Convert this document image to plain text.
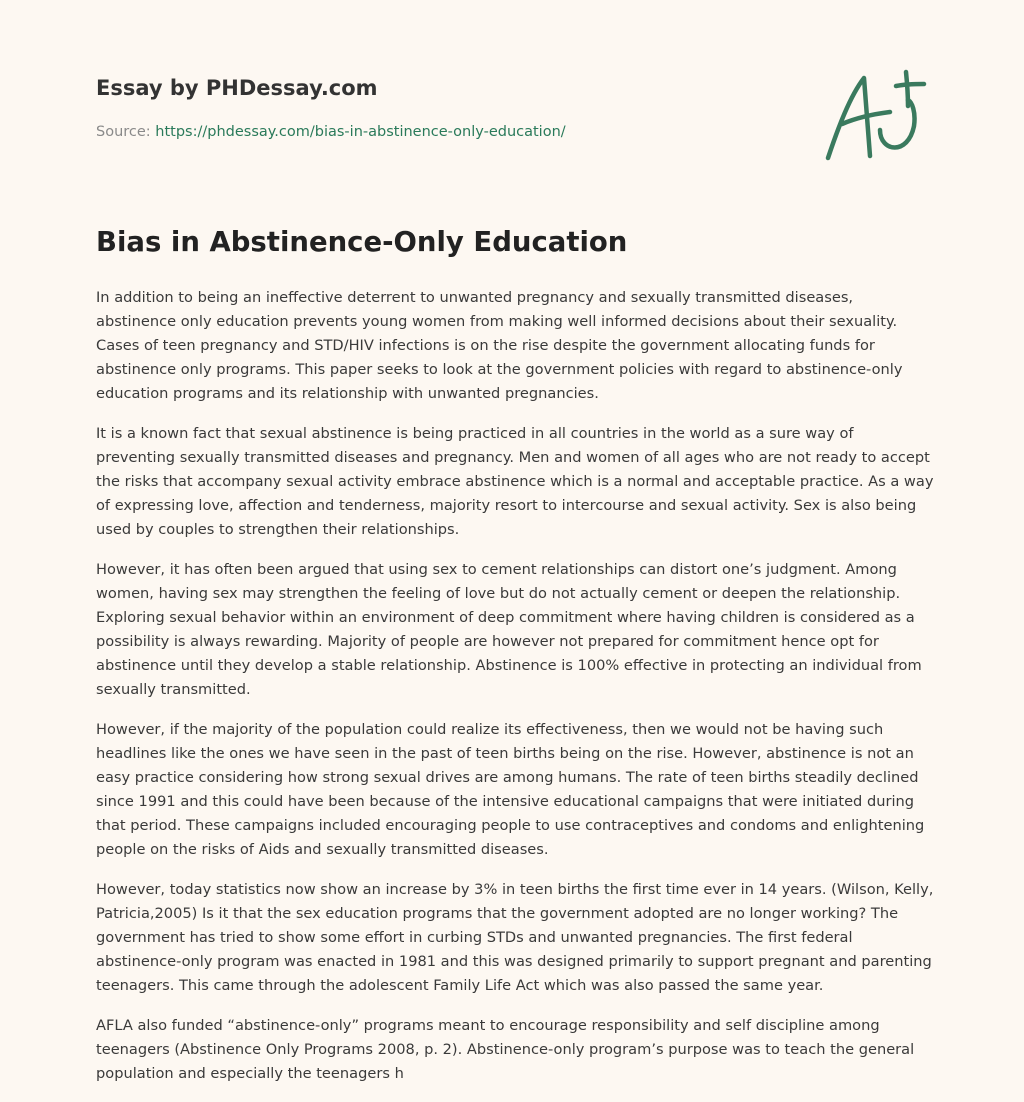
Essay by PHDessay.com
Source: https://phdessay.com/bias-in-abstinence-only-education/
Bias in Abstinence-Only Education

In addition to being an ineffective deterrent to unwanted pregnancy and sexually transmitted diseases, abstinence only education prevents young women from making well informed decisions about their sexuality. Cases of teen pregnancy and STD/HIV infections is on the rise despite the government allocating funds for abstinence only programs. This paper seeks to look at the government policies with regard to abstinence-only education programs and its relationship with unwanted pregnancies.

It is a known fact that sexual abstinence is being practiced in all countries in the world as a sure way of preventing sexually transmitted diseases and pregnancy. Men and women of all ages who are not ready to accept the risks that accompany sexual activity embrace abstinence which is a normal and acceptable practice. As a way of expressing love, affection and tenderness, majority resort to intercourse and sexual activity. Sex is also being used by couples to strengthen their relationships.

However, it has often been argued that using sex to cement relationships can distort one’s judgment. Among women, having sex may strengthen the feeling of love but do not actually cement or deepen the relationship. Exploring sexual behavior within an environment of deep commitment where having children is considered as a possibility is always rewarding. Majority of people are however not prepared for commitment hence opt for abstinence until they develop a stable relationship. Abstinence is 100% effective in protecting an individual from sexually transmitted.

However, if the majority of the population could realize its effectiveness, then we would not be having such headlines like the ones we have seen in the past of teen births being on the rise. However, abstinence is not an easy practice considering how strong sexual drives are among humans. The rate of teen births steadily declined since 1991 and this could have been because of the intensive educational campaigns that were initiated during that period. These campaigns included encouraging people to use contraceptives and condoms and enlightening people on the risks of Aids and sexually transmitted diseases.

However, today statistics now show an increase by 3% in teen births the first time ever in 14 years. (Wilson, Kelly, Patricia,2005) Is it that the sex education programs that the government adopted are no longer working? The government has tried to show some effort in curbing STDs and unwanted pregnancies. The first federal abstinence-only program was enacted in 1981 and this was designed primarily to support pregnant and parenting teenagers. This came through the adolescent Family Life Act which was also passed the same year.

AFLA also funded “abstinence-only” programs meant to encourage responsibility and self discipline among teenagers (Abstinence Only Programs 2008, p. 2). Abstinence-only program’s purpose was to teach the general population and especially the teenagers h
